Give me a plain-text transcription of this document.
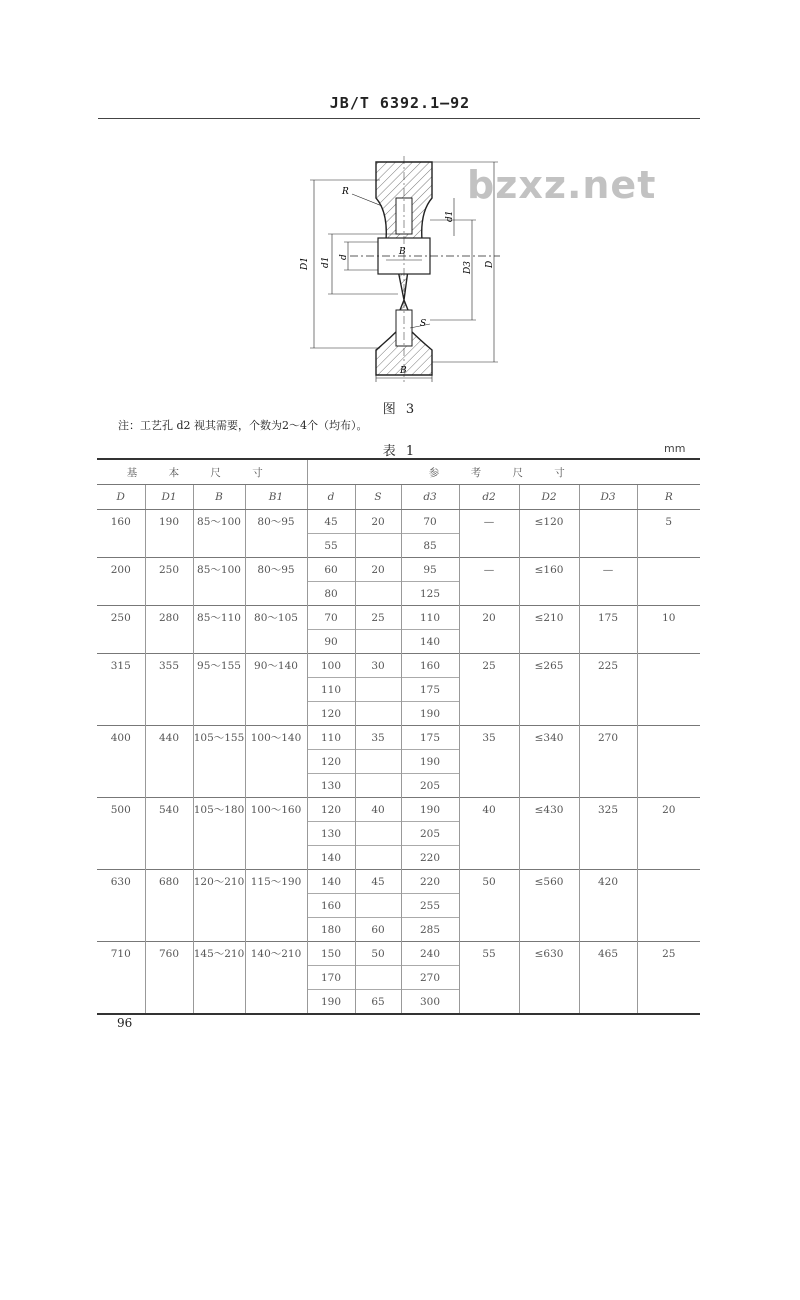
JB/T 6392.1—92
R
D1 d1 d
B
D3 D
d1
S
B
bzxz.net
图 3
注：工艺孔 d2 视其需要，个数为2～4个（均布）。
表 1	mm
基 本 尺 寸				参 考 尺 寸						
D	D1	B	B1	d	S	d3	d2	D2	D3	R
160	190	85～100	80～95	45	20	70	—	≤120		5
				55		85				
200	250	85～100	80～95	60	20	95	—	≤160	—	
				80		125				
250	280	85～110	80～105	70	25	110	20	≤210	175	10
				90		140				
315	355	95～155	90～140	100	30	160	25	≤265	225	
				110		175				
				120		190				
400	440	105～155	100～140	110	35	175	35	≤340	270	
				120		190				
				130		205				
500	540	105～180	100～160	120	40	190	40	≤430	325	20
				130		205				
				140		220				
630	680	120～210	115～190	140	45	220	50	≤560	420	
				160		255				
				180	60	285				
710	760	145～210	140～210	150	50	240	55	≤630	465	25
				170		270				
				190	65	300				
96
